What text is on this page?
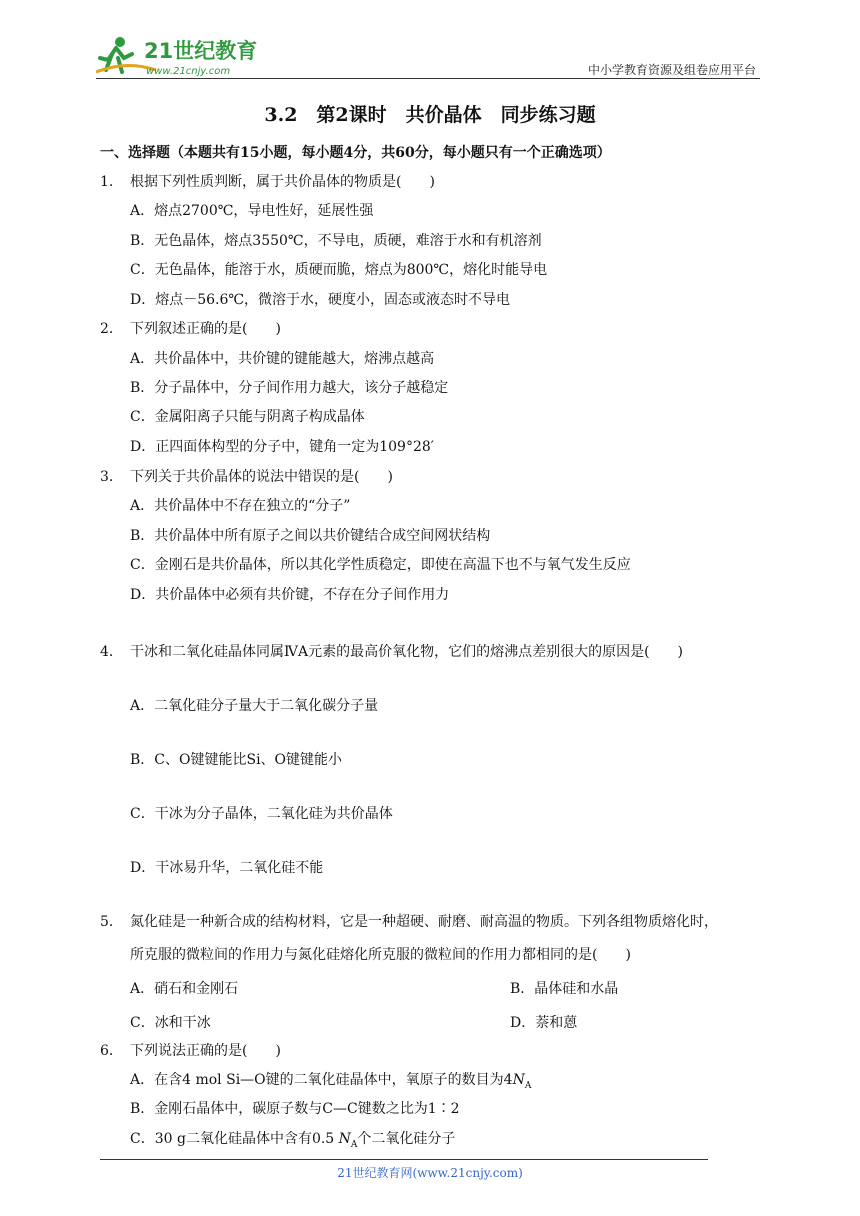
21世纪教育
www.21cnjy.com	中小学教育资源及组卷应用平台
3.2　第2课时　共价晶体　同步练习题
一、选择题（本题共有15小题，每小题4分，共60分，每小题只有一个正确选项）
1． 根据下列性质判断，属于共价晶体的物质是(　　)
A．熔点2700℃，导电性好，延展性强
B．无色晶体，熔点3550℃，不导电，质硬，难溶于水和有机溶剂
C．无色晶体，能溶于水，质硬而脆，熔点为800℃，熔化时能导电
D．熔点－56.6℃，微溶于水，硬度小，固态或液态时不导电
2． 下列叙述正确的是(　　)
A．共价晶体中，共价键的键能越大，熔沸点越高
B．分子晶体中，分子间作用力越大，该分子越稳定
C．金属阳离子只能与阴离子构成晶体
D．正四面体构型的分子中，键角一定为109°28′
3． 下列关于共价晶体的说法中错误的是(　　)
A．共价晶体中不存在独立的“分子”
B．共价晶体中所有原子之间以共价键结合成空间网状结构
C．金刚石是共价晶体，所以其化学性质稳定，即使在高温下也不与氧气发生反应
D．共价晶体中必须有共价键，不存在分子间作用力
4． 干冰和二氧化硅晶体同属ⅣA元素的最高价氧化物，它们的熔沸点差别很大的原因是(　　)
A．二氧化硅分子量大于二氧化碳分子量
B．C、O键键能比Si、O键键能小
C．干冰为分子晶体，二氧化硅为共价晶体
D．干冰易升华，二氧化硅不能
5． 氮化硅是一种新合成的结构材料，它是一种超硬、耐磨、耐高温的物质。下列各组物质熔化时，
所克服的微粒间的作用力与氮化硅熔化所克服的微粒间的作用力都相同的是(　　)
A．硝石和金刚石	B．晶体硅和水晶
C．冰和干冰	D．萘和蒽
6． 下列说法正确的是(　　)
A．在含4 mol Si—O键的二氧化硅晶体中，氧原子的数目为$4N_A$
B．金刚石晶体中，碳原子数与C—C键数之比为1∶2
C．30 g二氧化硅晶体中含有0.5 $N_A$个二氧化硅分子
21世纪教育网(www.21cnjy.com)
